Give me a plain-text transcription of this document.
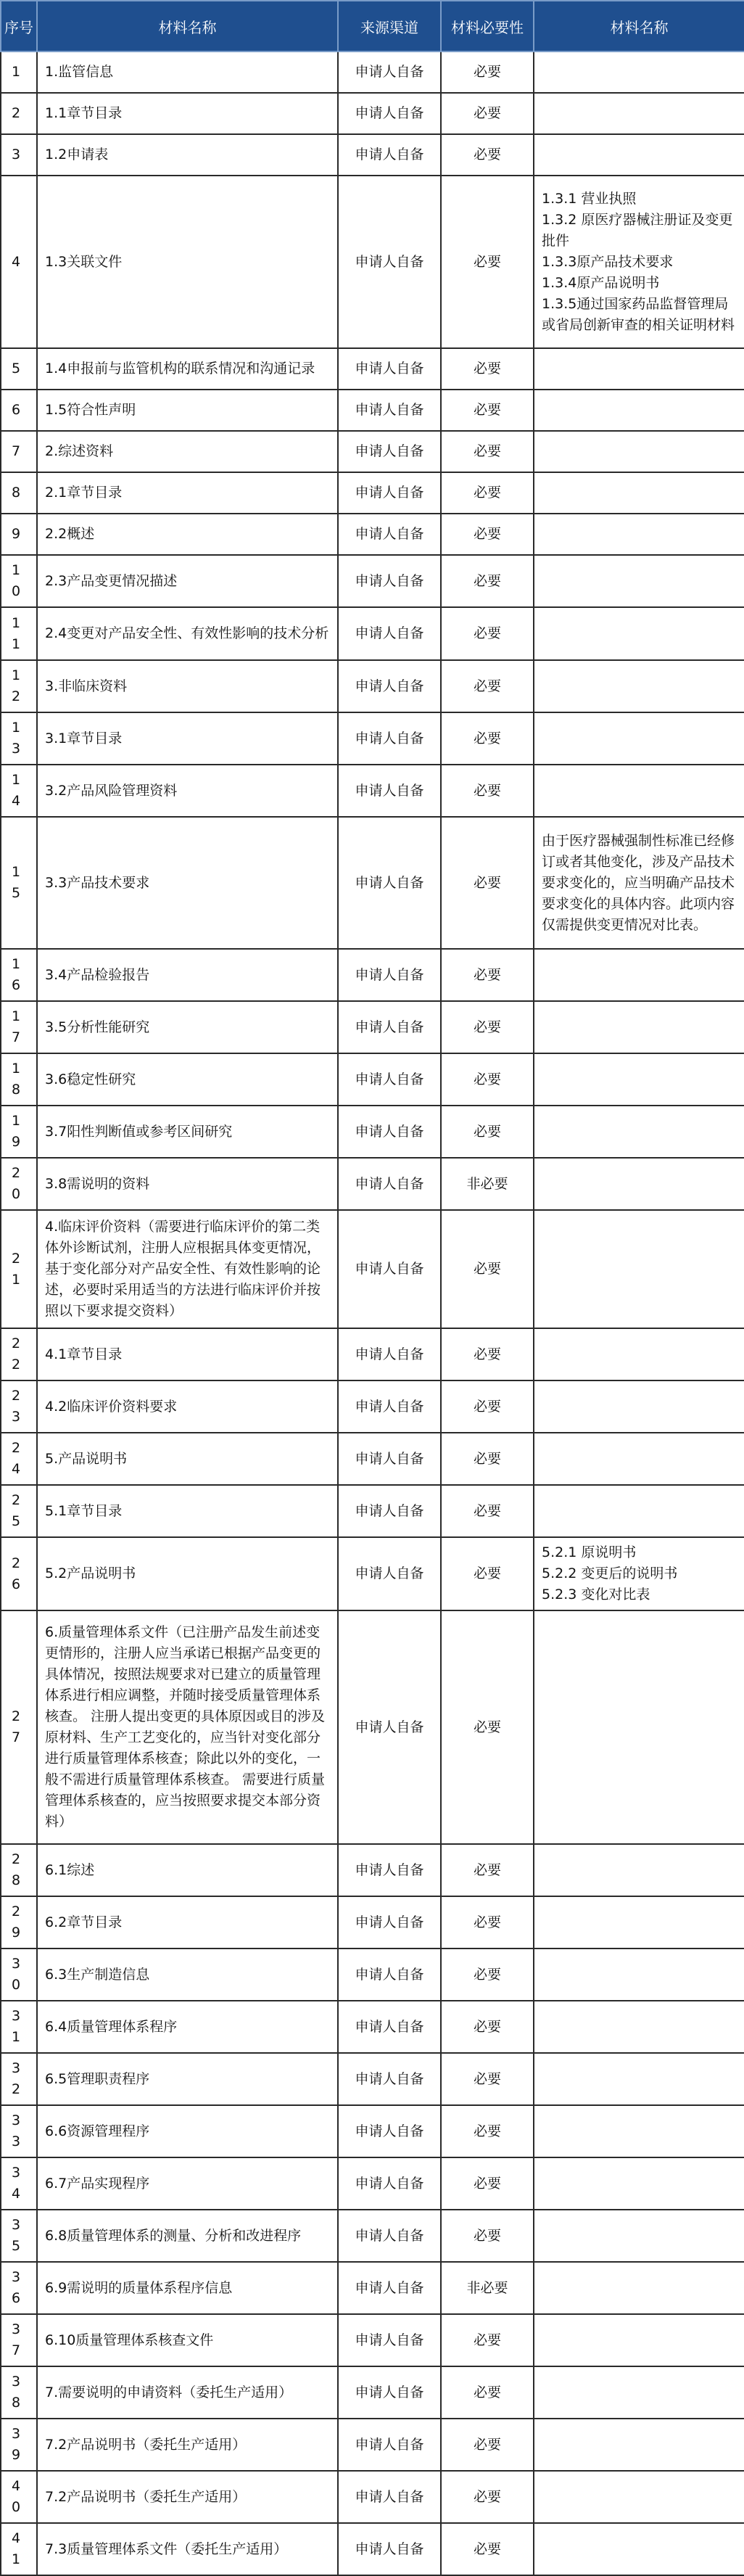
序号	材料名称	来源渠道	材料必要性	材料名称
1	1.监管信息	申请人自备	必要	
2	1.1章节目录	申请人自备	必要	
3	1.2申请表	申请人自备	必要	
4	1.3关联文件	申请人自备	必要	1.3.1 营业执照
1.3.2 原医疗器械注册证及变更批件
1.3.3原产品技术要求
1.3.4原产品说明书
1.3.5通过国家药品监督管理局或省局创新审查的相关证明材料

5	1.4申报前与监管机构的联系情况和沟通记录	申请人自备	必要	
6	1.5符合性声明	申请人自备	必要	
7	2.综述资料	申请人自备	必要	
8	2.1章节目录	申请人自备	必要	
9	2.2概述	申请人自备	必要	
10	2.3产品变更情况描述	申请人自备	必要	
11	2.4变更对产品安全性、有效性影响的技术分析	申请人自备	必要	
12	3.非临床资料	申请人自备	必要	
13	3.1章节目录	申请人自备	必要	
14	3.2产品风险管理资料	申请人自备	必要	
15	3.3产品技术要求	申请人自备	必要	由于医疗器械强制性标准已经修订或者其他变化，涉及产品技术要求变化的，应当明确产品技术要求变化的具体内容。此项内容仅需提供变更情况对比表。

16	3.4产品检验报告	申请人自备	必要	
17	3.5分析性能研究	申请人自备	必要	
18	3.6稳定性研究	申请人自备	必要	
19	3.7阳性判断值或参考区间研究	申请人自备	必要	
20	3.8需说明的资料	申请人自备	非必要	
21	4.临床评价资料（需要进行临床评价的第二类体外诊断试剂，注册人应根据具体变更情况，基于变化部分对产品安全性、有效性影响的论述，必要时采用适当的方法进行临床评价并按照以下要求提交资料）	申请人自备	必要	
22	4.1章节目录	申请人自备	必要	
23	4.2临床评价资料要求	申请人自备	必要	
24	5.产品说明书	申请人自备	必要	
25	5.1章节目录	申请人自备	必要	
26	5.2产品说明书	申请人自备	必要	5.2.1 原说明书
5.2.2 变更后的说明书
5.2.3 变化对比表

27	6.质量管理体系文件（已注册产品发生前述变更情形的，注册人应当承诺已根据产品变更的具体情况，按照法规要求对已建立的质量管理体系进行相应调整，并随时接受质量管理体系核查。 注册人提出变更的具体原因或目的涉及原材料、生产工艺变化的，应当针对变化部分进行质量管理体系核查；除此以外的变化，一般不需进行质量管理体系核查。 需要进行质量管理体系核查的，应当按照要求提交本部分资料）	申请人自备	必要	
28	6.1综述	申请人自备	必要	
29	6.2章节目录	申请人自备	必要	
30	6.3生产制造信息	申请人自备	必要	
31	6.4质量管理体系程序	申请人自备	必要	
32	6.5管理职责程序	申请人自备	必要	
33	6.6资源管理程序	申请人自备	必要	
34	6.7产品实现程序	申请人自备	必要	
35	6.8质量管理体系的测量、分析和改进程序	申请人自备	必要	
36	6.9需说明的质量体系程序信息	申请人自备	非必要	
37	6.10质量管理体系核查文件	申请人自备	必要	
38	7.需要说明的申请资料（委托生产适用）	申请人自备	必要	
39	7.2产品说明书（委托生产适用）	申请人自备	必要	
40	7.2产品说明书（委托生产适用）	申请人自备	必要	
41	7.3质量管理体系文件（委托生产适用）	申请人自备	必要	
